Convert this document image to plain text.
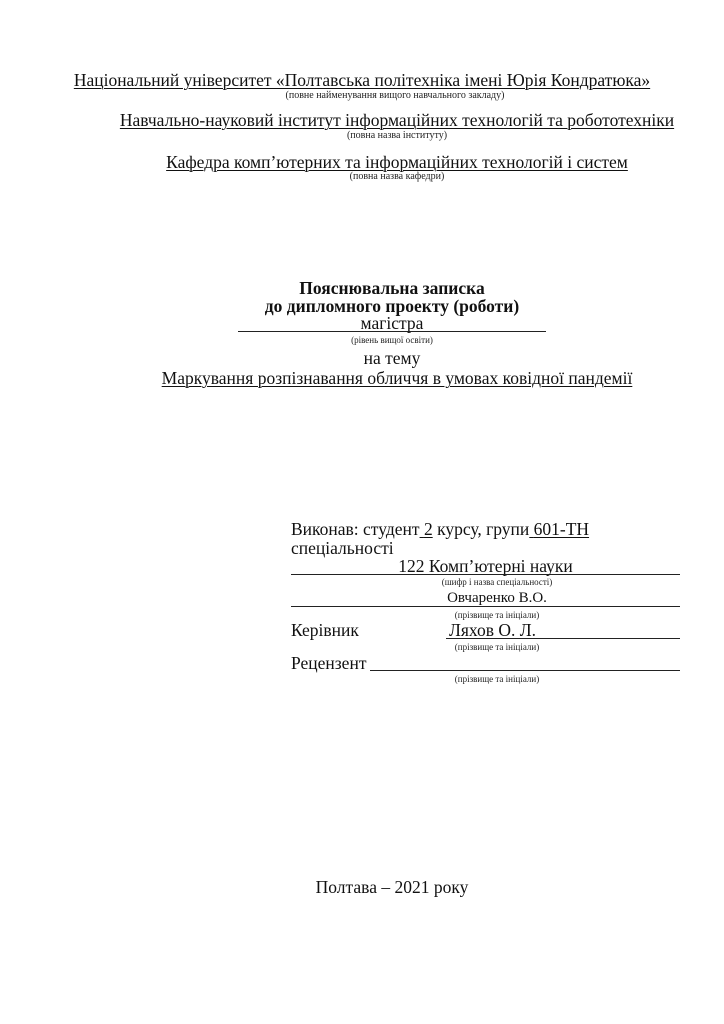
Національний університет «Полтавська політехніка імені Юрія Кондратюка»
(повне найменування вищого навчального закладу)
Навчально-науковий інститут інформаційних технологій та робототехніки
(повна назва інституту)
Кафедра комп’ютерних та інформаційних технологій і систем
(повна назва кафедри)
Пояснювальна записка
до дипломного проекту (роботи)
магістра
(рівень вищої освіти)
на тему
Маркування розпізнавання обличчя в умовах ковідної пандемії
Виконав: студент 2 курсу, групи 601-ТН
спеціальності
122 Комп’ютерні науки
(шифр і назва спеціальності)
Овчаренко В.О.
(прізвище та ініціали)
Керівник	Ляхов О. Л.
(прізвище та ініціали)
Рецензент
(прізвище та ініціали)
Полтава – 2021 року
